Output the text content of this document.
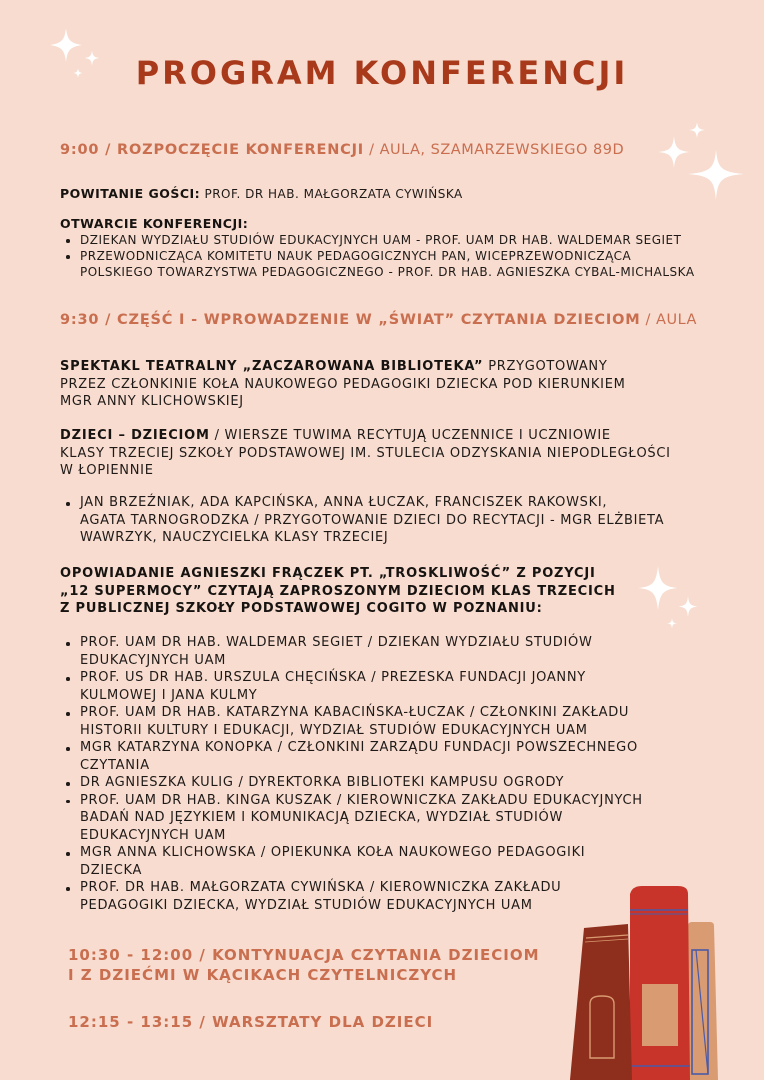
PROGRAM KONFERENCJI
9:00 / ROZPOCZĘCIE KONFERENCJI / AULA, SZAMARZEWSKIEGO 89D
POWITANIE GOŚCI: PROF. DR HAB. MAŁGORZATA CYWIŃSKA
OTWARCIE KONFERENCJI:
DZIEKAN WYDZIAŁU STUDIÓW EDUKACYJNYCH UAM - PROF. UAM DR HAB. WALDEMAR SEGIET
PRZEWODNICZĄCA KOMITETU NAUK PEDAGOGICZNYCH PAN, WICEPRZEWODNICZĄCA
POLSKIEGO TOWARZYSTWA PEDAGOGICZNEGO - PROF. DR HAB. AGNIESZKA CYBAL-MICHALSKA
9:30 / CZĘŚĆ I - WPROWADZENIE W „ŚWIAT” CZYTANIA DZIECIOM / AULA
SPEKTAKL TEATRALNY „ZACZAROWANA BIBLIOTEKA” PRZYGOTOWANY
PRZEZ CZŁONKINIE KOŁA NAUKOWEGO PEDAGOGIKI DZIECKA POD KIERUNKIEM
MGR ANNY KLICHOWSKIEJ
DZIECI – DZIECIOM / WIERSZE TUWIMA RECYTUJĄ UCZENNICE I UCZNIOWIE
KLASY TRZECIEJ SZKOŁY PODSTAWOWEJ IM. STULECIA ODZYSKANIA NIEPODLEGŁOŚCI
W ŁOPIENNIE
JAN BRZEŹNIAK, ADA KAPCIŃSKA, ANNA ŁUCZAK, FRANCISZEK RAKOWSKI,
AGATA TARNOGRODZKA / PRZYGOTOWANIE DZIECI DO RECYTACJI - MGR ELŻBIETA
WAWRZYK, NAUCZYCIELKA KLASY TRZECIEJ
OPOWIADANIE AGNIESZKI FRĄCZEK PT. „TROSKLIWOŚĆ” Z POZYCJI
„12 SUPERMOCY” CZYTAJĄ ZAPROSZONYM DZIECIOM KLAS TRZECICH
Z PUBLICZNEJ SZKOŁY PODSTAWOWEJ COGITO W POZNANIU:
PROF. UAM DR HAB. WALDEMAR SEGIET / DZIEKAN WYDZIAŁU STUDIÓW
EDUKACYJNYCH UAM
PROF. US DR HAB. URSZULA CHĘCIŃSKA / PREZESKA FUNDACJI JOANNY
KULMOWEJ I JANA KULMY
PROF. UAM DR HAB. KATARZYNA KABACIŃSKA-ŁUCZAK / CZŁONKINI ZAKŁADU
HISTORII KULTURY I EDUKACJI, WYDZIAŁ STUDIÓW EDUKACYJNYCH UAM
MGR KATARZYNA KONOPKA / CZŁONKINI ZARZĄDU FUNDACJI POWSZECHNEGO
CZYTANIA
DR AGNIESZKA KULIG / DYREKTORKA BIBLIOTEKI KAMPUSU OGRODY
PROF. UAM DR HAB. KINGA KUSZAK / KIEROWNICZKA ZAKŁADU EDUKACYJNYCH
BADAŃ NAD JĘZYKIEM I KOMUNIKACJĄ DZIECKA, WYDZIAŁ STUDIÓW
EDUKACYJNYCH UAM
MGR ANNA KLICHOWSKA / OPIEKUNKA KOŁA NAUKOWEGO PEDAGOGIKI
DZIECKA
PROF. DR HAB. MAŁGORZATA CYWIŃSKA / KIEROWNICZKA ZAKŁADU
PEDAGOGIKI DZIECKA, WYDZIAŁ STUDIÓW EDUKACYJNYCH UAM
10:30 - 12:00 / KONTYNUACJA CZYTANIA DZIECIOM
I Z DZIEĆMI W KĄCIKACH CZYTELNICZYCH
12:15 - 13:15 / WARSZTATY DLA DZIECI
